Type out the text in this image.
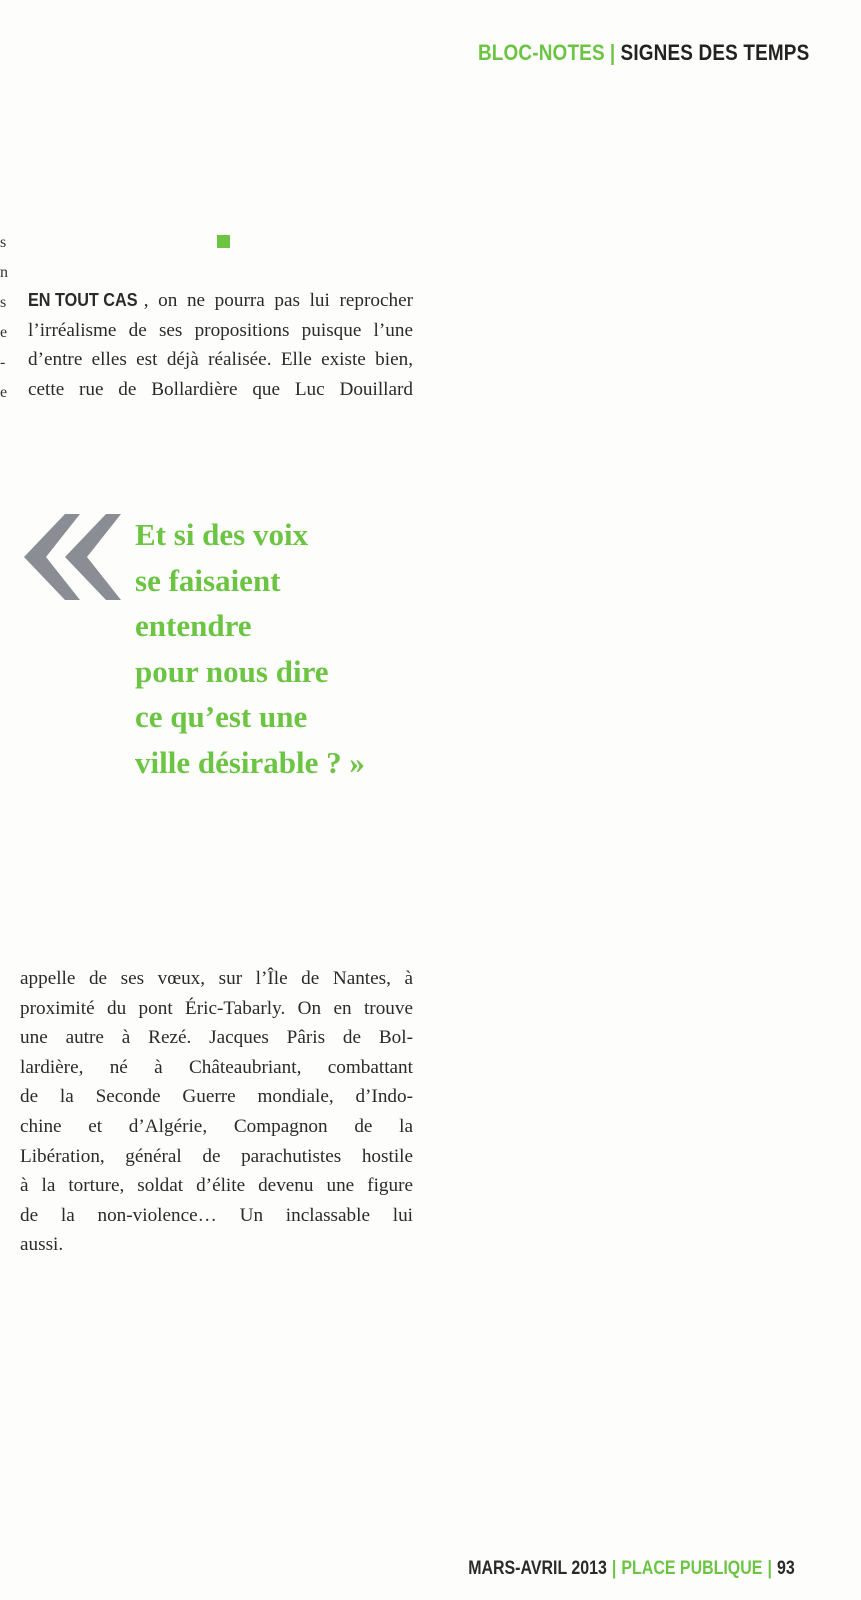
BLOC-NOTES | SIGNES DES TEMPS
s
n
s
e
-
e
EN TOUT CAS , on ne pourra pas lui reprocher
l’irréalisme de ses propositions puisque l’une
d’entre elles est déjà réalisée. Elle existe bien,
cette rue de Bollardière que Luc Douillard
Et si des voix
se faisaient
entendre
pour nous dire
ce qu’est une
ville désirable ? »
appelle de ses vœux, sur l’Île de Nantes, à
proximité du pont Éric-Tabarly. On en trouve
une autre à Rezé. Jacques Pâris de Bol-
lardière, né à Châteaubriant, combattant
de la Seconde Guerre mondiale, d’Indo-
chine et d’Algérie, Compagnon de la
Libération, général de parachutistes hostile
à la torture, soldat d’élite devenu une figure
de la non-violence… Un inclassable lui
aussi.
MARS-AVRIL 2013 | PLACE PUBLIQUE | 93
